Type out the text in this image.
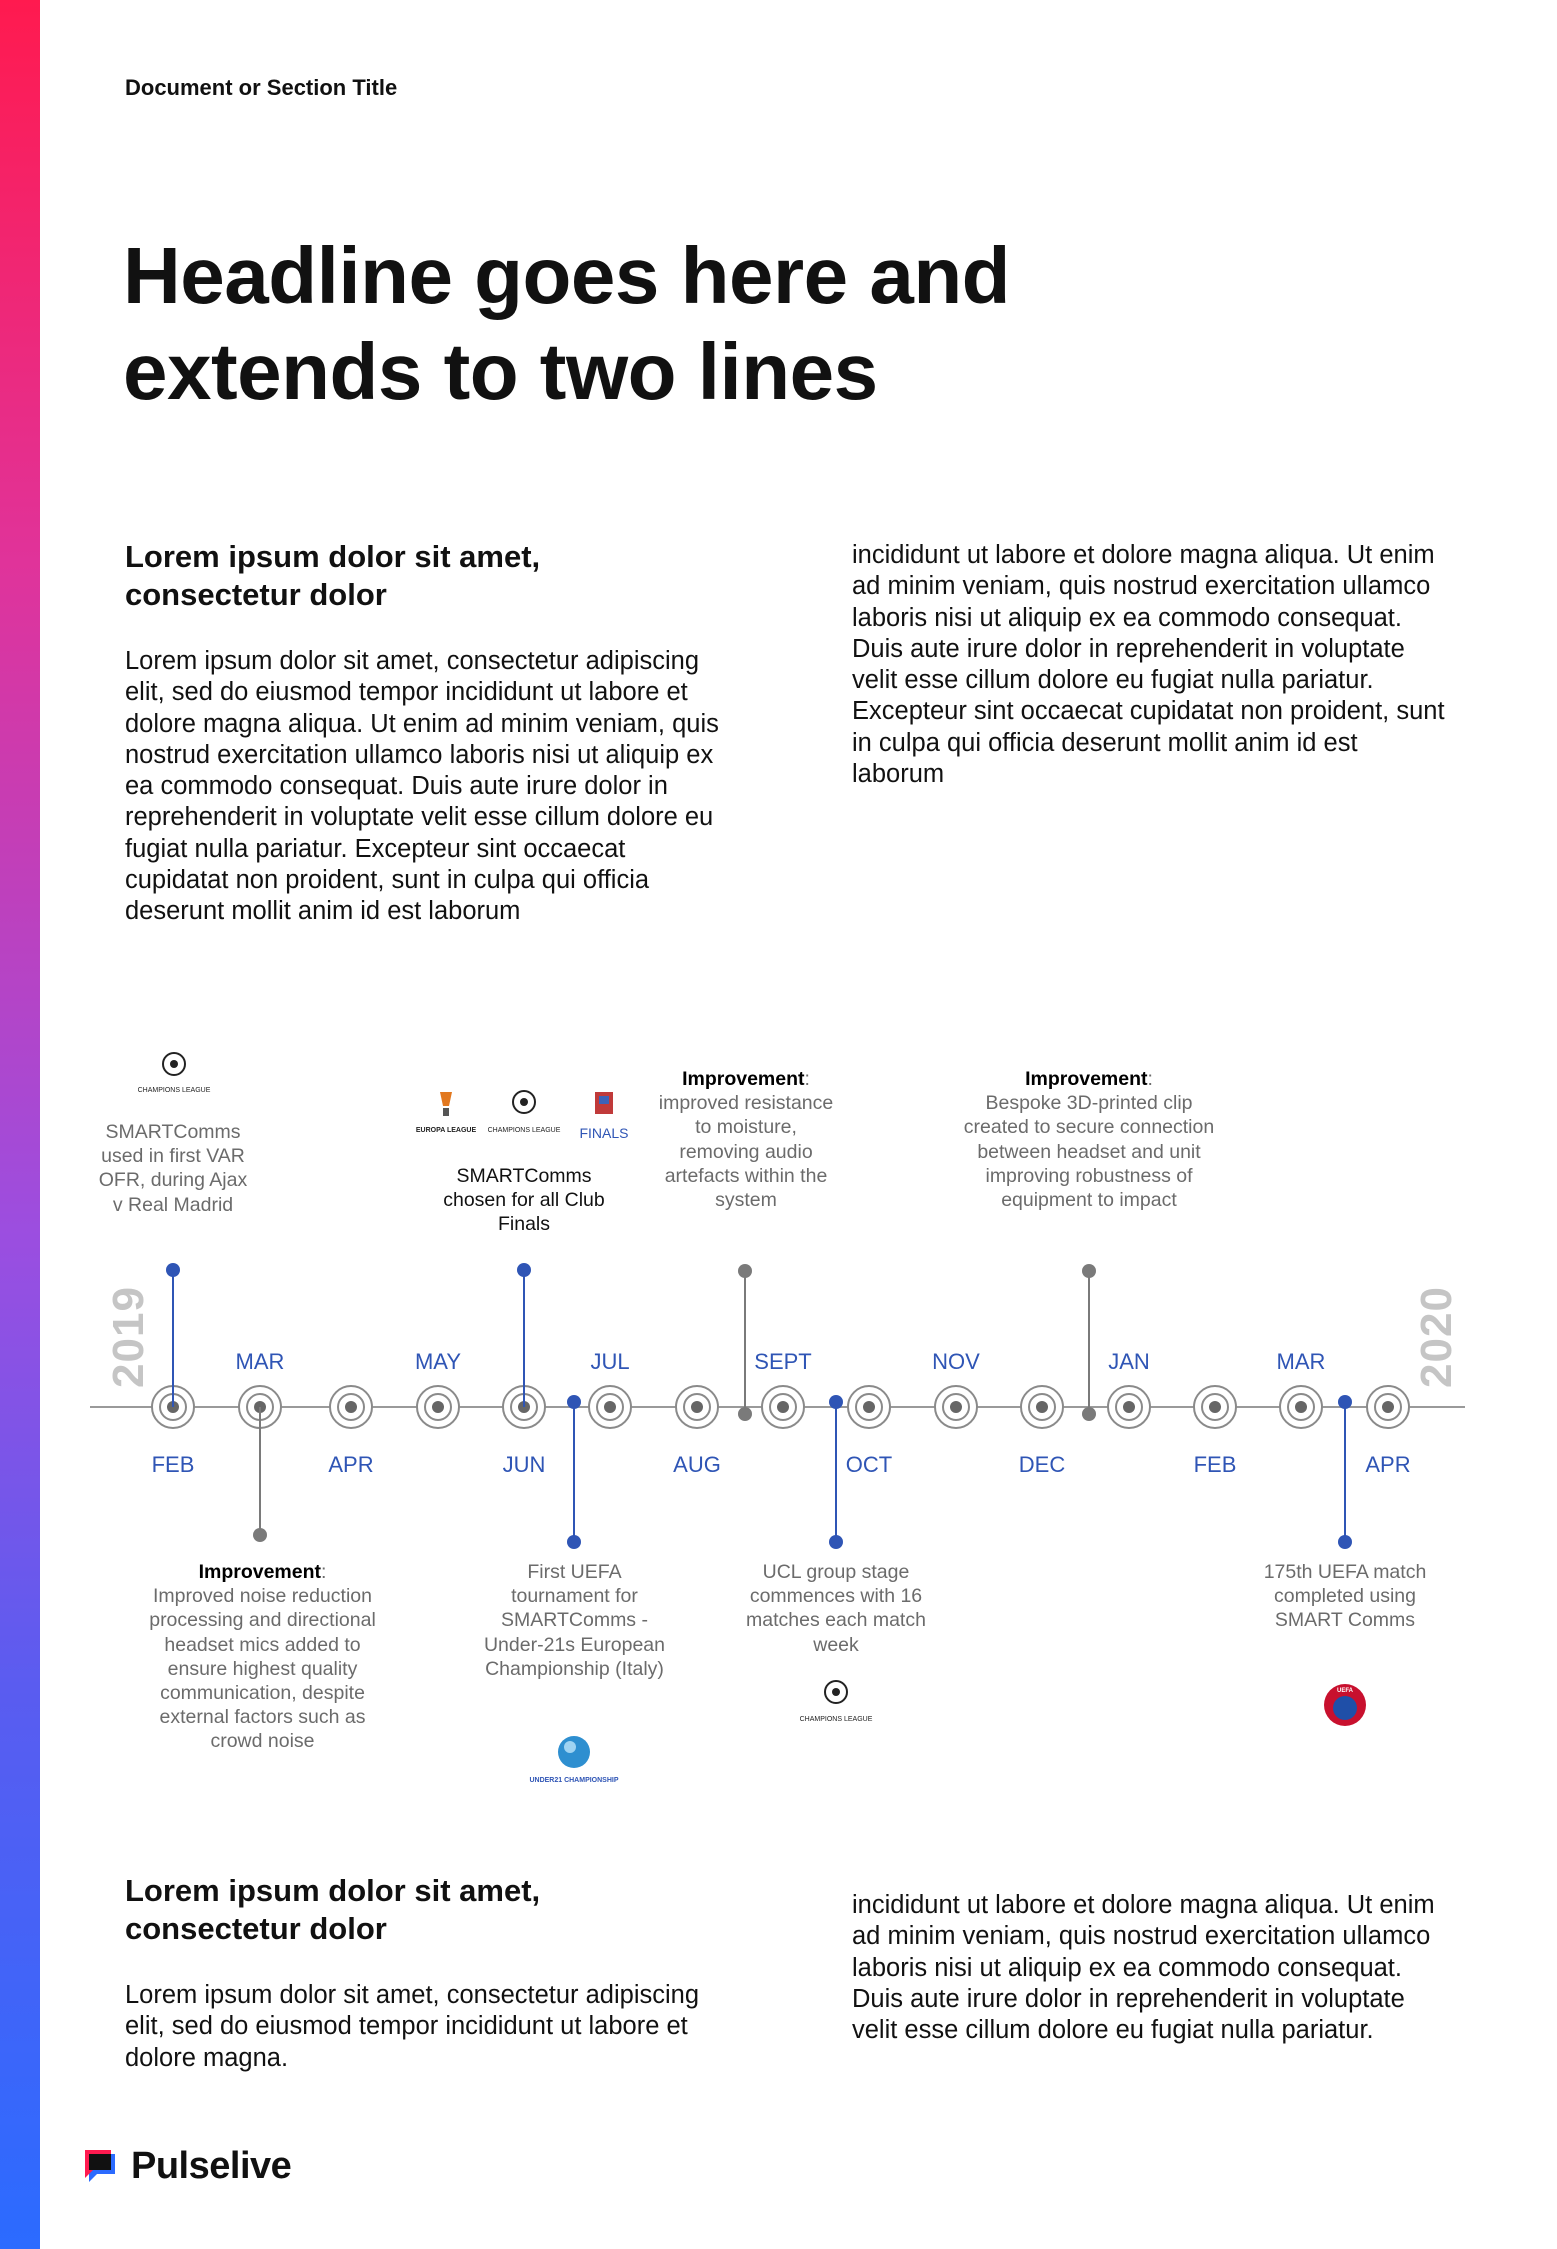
Document or Section Title
Headline goes here and
extends to two lines
Lorem ipsum dolor sit amet, consectetur dolor

Lorem ipsum dolor sit amet, consectetur adipiscing elit, sed do eiusmod tempor incididunt ut labore et dolore magna aliqua. Ut enim ad minim veniam, quis nostrud exercitation ullamco laboris nisi ut aliquip ex ea commodo consequat. Duis aute irure dolor in reprehenderit in voluptate velit esse cillum dolore eu fugiat nulla pariatur. Excepteur sint occaecat cupidatat non proident, sunt in culpa qui officia deserunt mollit anim id est laborum

incididunt ut labore et dolore magna aliqua. Ut enim ad minim veniam, quis nostrud exercitation ullamco laboris nisi ut aliquip ex ea commodo consequat. Duis aute irure dolor in reprehenderit in voluptate velit esse cillum dolore eu fugiat nulla pariatur. Excepteur sint occaecat cupidatat non proident, sunt in culpa qui officia deserunt mollit anim id est laborum

CHAMPIONS LEAGUE
EUROPA LEAGUE CHAMPIONS LEAGUE FINALS
UNDER21 CHAMPIONSHIP
CHAMPIONS LEAGUE
UEFA
2019	2020
MAR	MAY	JUL	SEPT	NOV	JAN	MAR
FEB	APR	JUN	AUG	OCT	DEC	FEB	APR
SMARTComms used in first VAR OFR, during Ajax v Real Madrid
SMARTComms chosen for all Club Finals
Improvement:
improved resistance to moisture, removing audio artefacts within the system
Improvement:
Bespoke 3D-printed clip created to secure connection between headset and unit improving robustness of equipment to impact
Improvement:
Improved noise reduction processing and directional headset mics added to ensure highest quality communication, despite external factors such as crowd noise
First UEFA tournament for SMARTComms - Under-21s European Championship (Italy)
UCL group stage commences with 16 matches each match week
175th UEFA match completed using SMART Comms
Lorem ipsum dolor sit amet, consectetur dolor

Lorem ipsum dolor sit amet, consectetur adipiscing elit, sed do eiusmod tempor incididunt ut labore et dolore magna.

incididunt ut labore et dolore magna aliqua. Ut enim ad minim veniam, quis nostrud exercitation ullamco laboris nisi ut aliquip ex ea commodo consequat. Duis aute irure dolor in reprehenderit in voluptate velit esse cillum dolore eu fugiat nulla pariatur.

Pulselive
